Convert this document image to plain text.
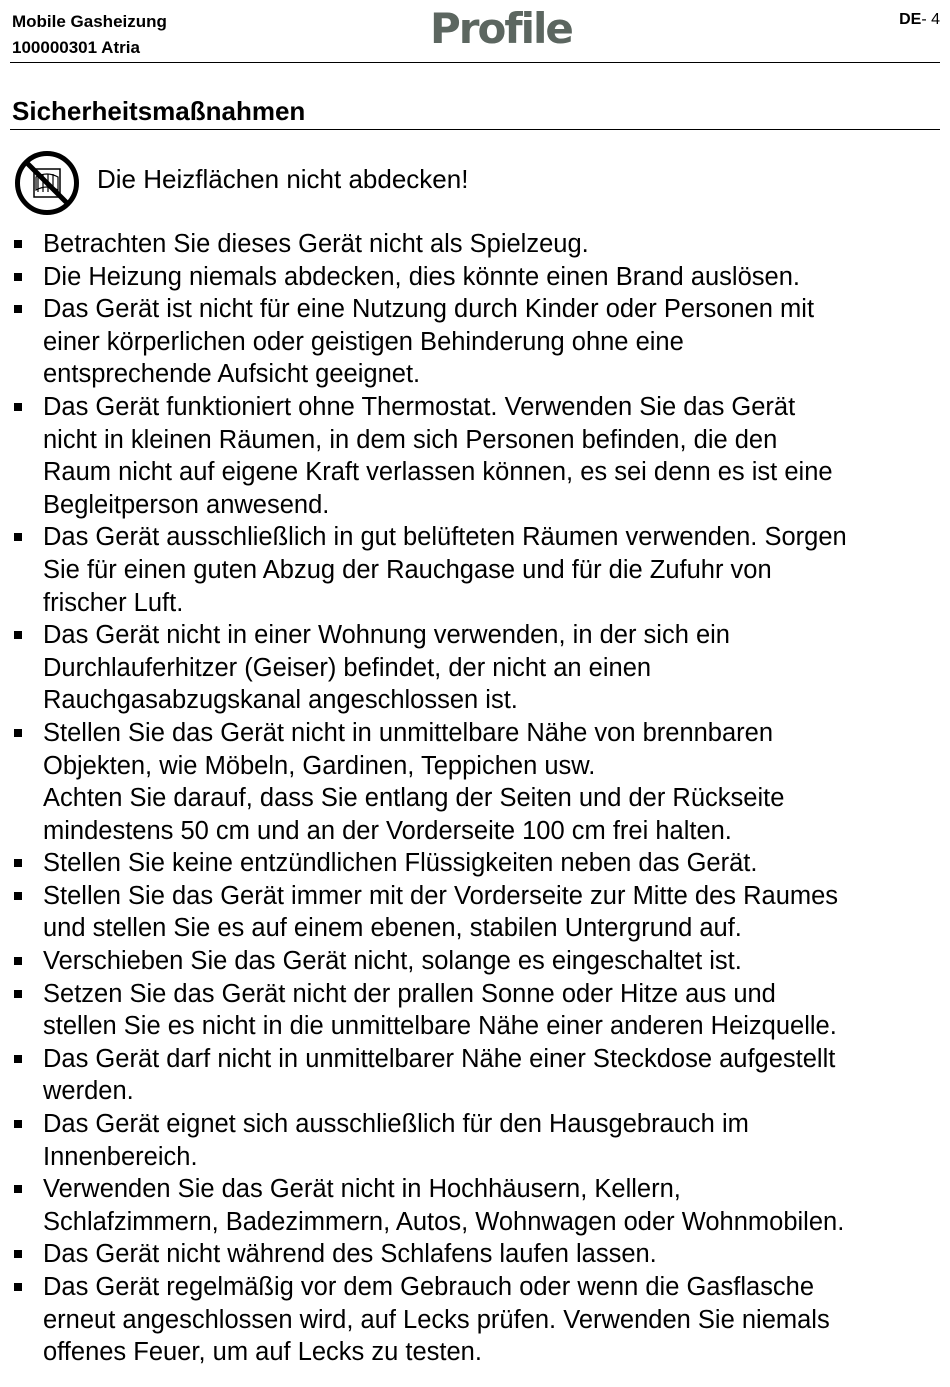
Mobile Gasheizung
100000301 Atria	Profile	DE- 4
Sicherheitsmaßnahmen
Die Heizflächen nicht abdecken!
Betrachten Sie dieses Gerät nicht als Spielzeug.
Die Heizung niemals abdecken, dies könnte einen Brand auslösen.
Das Gerät ist nicht für eine Nutzung durch Kinder oder Personen mit
einer körperlichen oder geistigen Behinderung ohne eine
entsprechende Aufsicht geeignet.
Das Gerät funktioniert ohne Thermostat. Verwenden Sie das Gerät
nicht in kleinen Räumen, in dem sich Personen befinden, die den
Raum nicht auf eigene Kraft verlassen können, es sei denn es ist eine
Begleitperson anwesend.
Das Gerät ausschließlich in gut belüfteten Räumen verwenden. Sorgen
Sie für einen guten Abzug der Rauchgase und für die Zufuhr von
frischer Luft.
Das Gerät nicht in einer Wohnung verwenden, in der sich ein
Durchlauferhitzer (Geiser) befindet, der nicht an einen
Rauchgasabzugskanal angeschlossen ist.
Stellen Sie das Gerät nicht in unmittelbare Nähe von brennbaren
Objekten, wie Möbeln, Gardinen, Teppichen usw.
Achten Sie darauf, dass Sie entlang der Seiten und der Rückseite
mindestens 50 cm und an der Vorderseite 100 cm frei halten.
Stellen Sie keine entzündlichen Flüssigkeiten neben das Gerät.
Stellen Sie das Gerät immer mit der Vorderseite zur Mitte des Raumes
und stellen Sie es auf einem ebenen, stabilen Untergrund auf.
Verschieben Sie das Gerät nicht, solange es eingeschaltet ist.
Setzen Sie das Gerät nicht der prallen Sonne oder Hitze aus und
stellen Sie es nicht in die unmittelbare Nähe einer anderen Heizquelle.
Das Gerät darf nicht in unmittelbarer Nähe einer Steckdose aufgestellt
werden.
Das Gerät eignet sich ausschließlich für den Hausgebrauch im
Innenbereich.
Verwenden Sie das Gerät nicht in Hochhäusern, Kellern,
Schlafzimmern, Badezimmern, Autos, Wohnwagen oder Wohnmobilen.
Das Gerät nicht während des Schlafens laufen lassen.
Das Gerät regelmäßig vor dem Gebrauch oder wenn die Gasflasche
erneut angeschlossen wird, auf Lecks prüfen. Verwenden Sie niemals
offenes Feuer, um auf Lecks zu testen.
